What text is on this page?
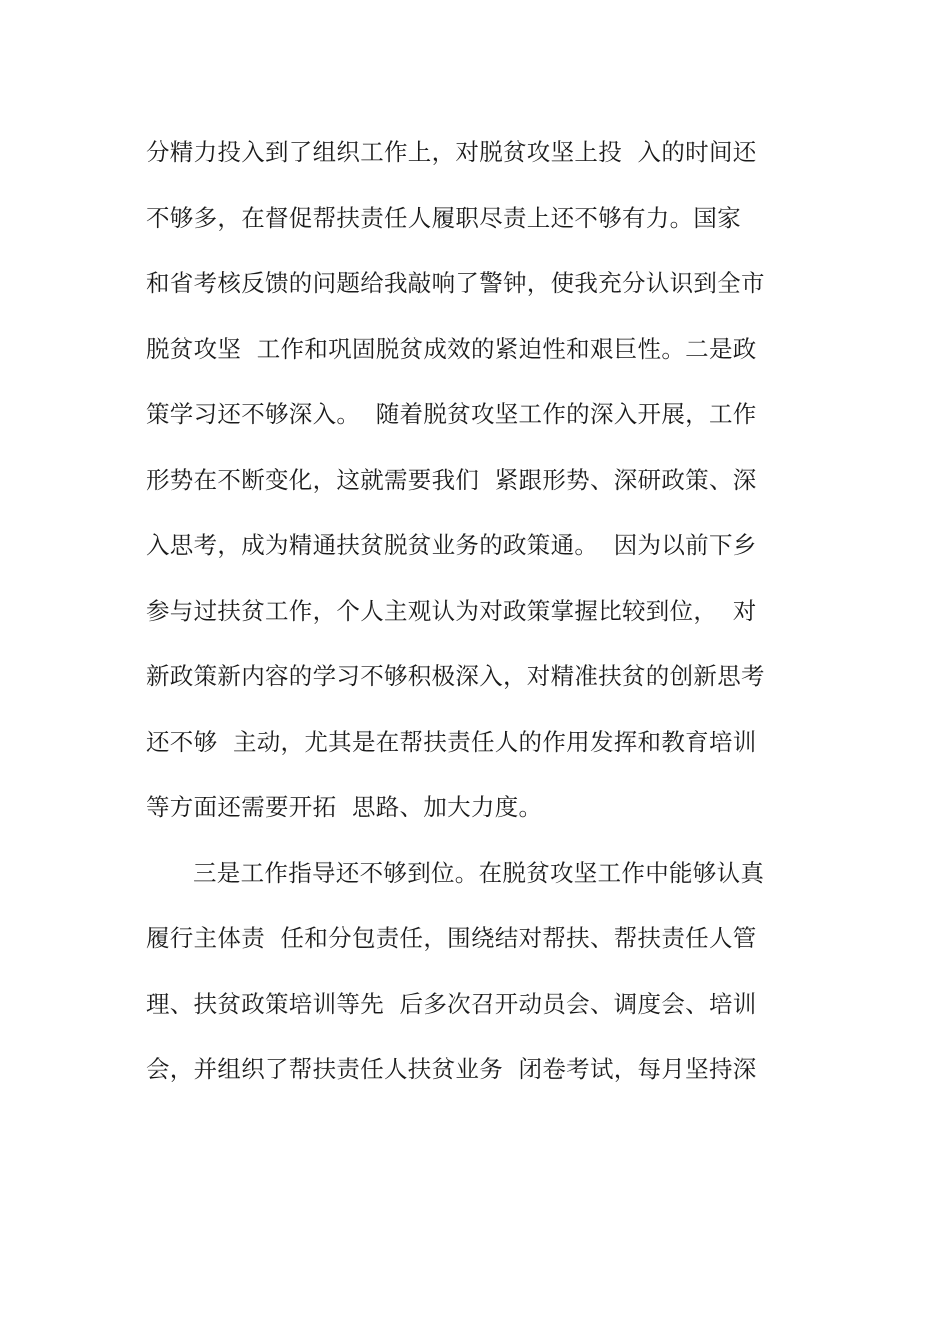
分精力投入到了组织工作上，对脱贫攻坚上投  入的时间还
不够多，在督促帮扶责任人履职尽责上还不够有力。国家
和省考核反馈的问题给我敲响了警钟，使我充分认识到全市
脱贫攻坚  工作和巩固脱贫成效的紧迫性和艰巨性。二是政
策学习还不够深入。  随着脱贫攻坚工作的深入开展，工作
形势在不断变化，这就需要我们  紧跟形势、深研政策、深
入思考，成为精通扶贫脱贫业务的政策通。  因为以前下乡
参与过扶贫工作，个人主观认为对政策掌握比较到位，  对
新政策新内容的学习不够积极深入，对精准扶贫的创新思考
还不够  主动，尤其是在帮扶责任人的作用发挥和教育培训
等方面还需要开拓  思路、加大力度。
三是工作指导还不够到位。在脱贫攻坚工作中能够认真
履行主体责  任和分包责任，围绕结对帮扶、帮扶责任人管
理、扶贫政策培训等先  后多次召开动员会、调度会、培训
会，并组织了帮扶责任人扶贫业务  闭卷考试，每月坚持深
